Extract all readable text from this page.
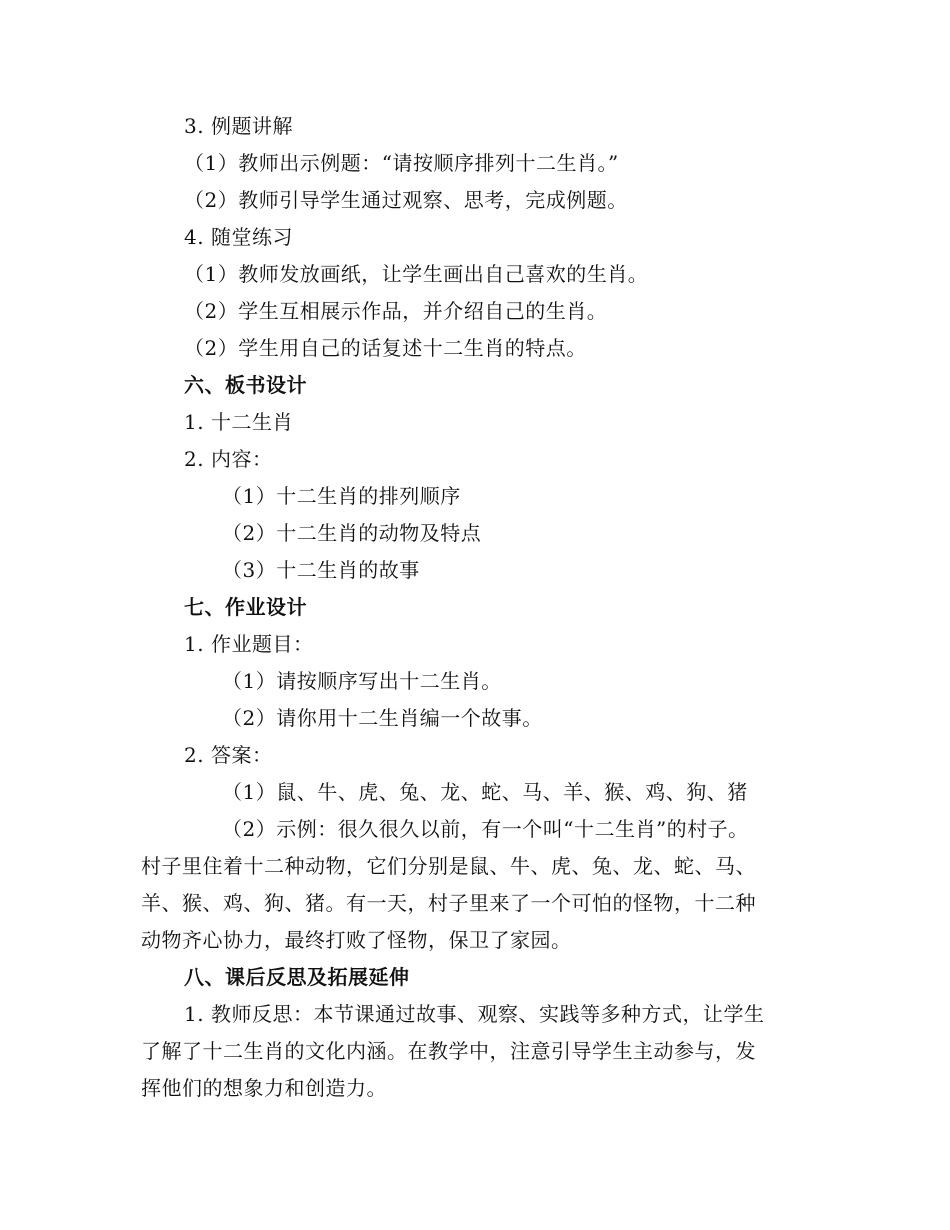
3. 例题讲解
（1）教师出示例题：“请按顺序排列十二生肖。”
（2）教师引导学生通过观察、思考，完成例题。
4. 随堂练习
（1）教师发放画纸，让学生画出自己喜欢的生肖。
（2）学生互相展示作品，并介绍自己的生肖。
（2）学生用自己的话复述十二生肖的特点。
六、板书设计
1. 十二生肖
2. 内容：
（1）十二生肖的排列顺序
（2）十二生肖的动物及特点
（3）十二生肖的故事
七、作业设计
1. 作业题目：
（1）请按顺序写出十二生肖。
（2）请你用十二生肖编一个故事。
2. 答案：
（1）鼠、牛、虎、兔、龙、蛇、马、羊、猴、鸡、狗、猪
（2）示例：很久很久以前，有一个叫“十二生肖”的村子。
村子里住着十二种动物，它们分别是鼠、牛、虎、兔、龙、蛇、马、
羊、猴、鸡、狗、猪。有一天，村子里来了一个可怕的怪物，十二种
动物齐心协力，最终打败了怪物，保卫了家园。
八、课后反思及拓展延伸
1. 教师反思：本节课通过故事、观察、实践等多种方式，让学生
了解了十二生肖的文化内涵。在教学中，注意引导学生主动参与，发
挥他们的想象力和创造力。
